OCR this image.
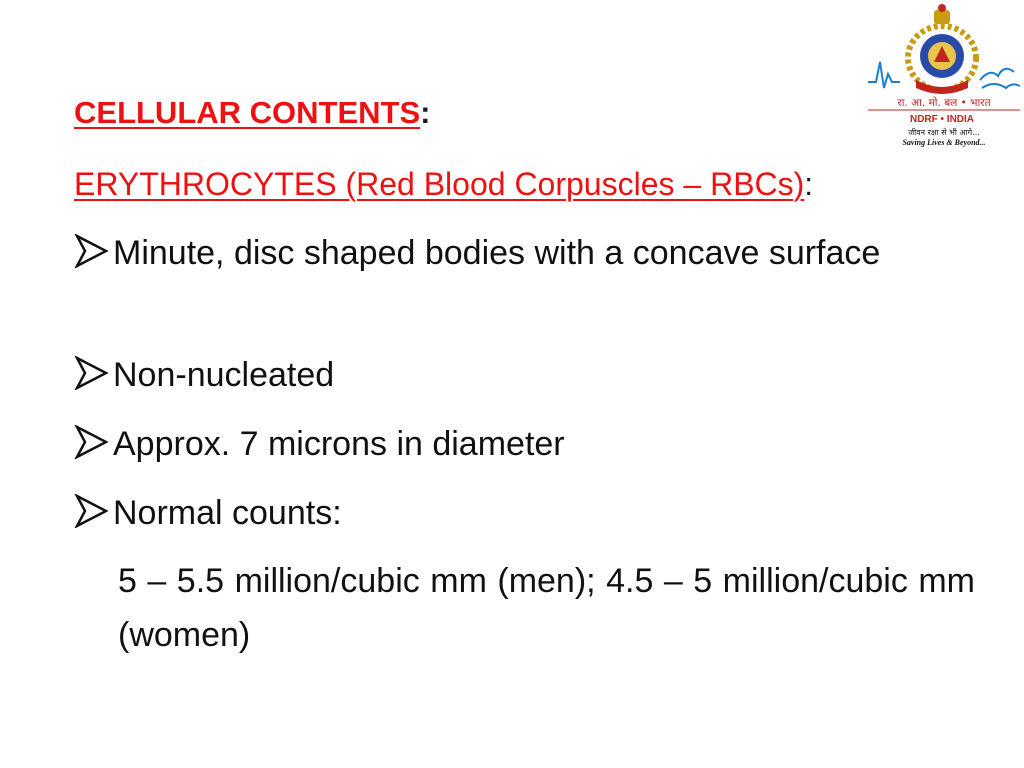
रा. आ. मो. बल • भारत
NDRF • INDIA
जीवन रक्षा से भी आगे...
Saving Lives & Beyond...
CELLULAR CONTENTS:
ERYTHROCYTES (Red Blood Corpuscles – RBCs):
Minute, disc shaped bodies with a concave surface
Non-nucleated
Approx. 7 microns in diameter
Normal counts:
5 – 5.5 million/cubic mm (men); 4.5 – 5 million/cubic mm (women)
